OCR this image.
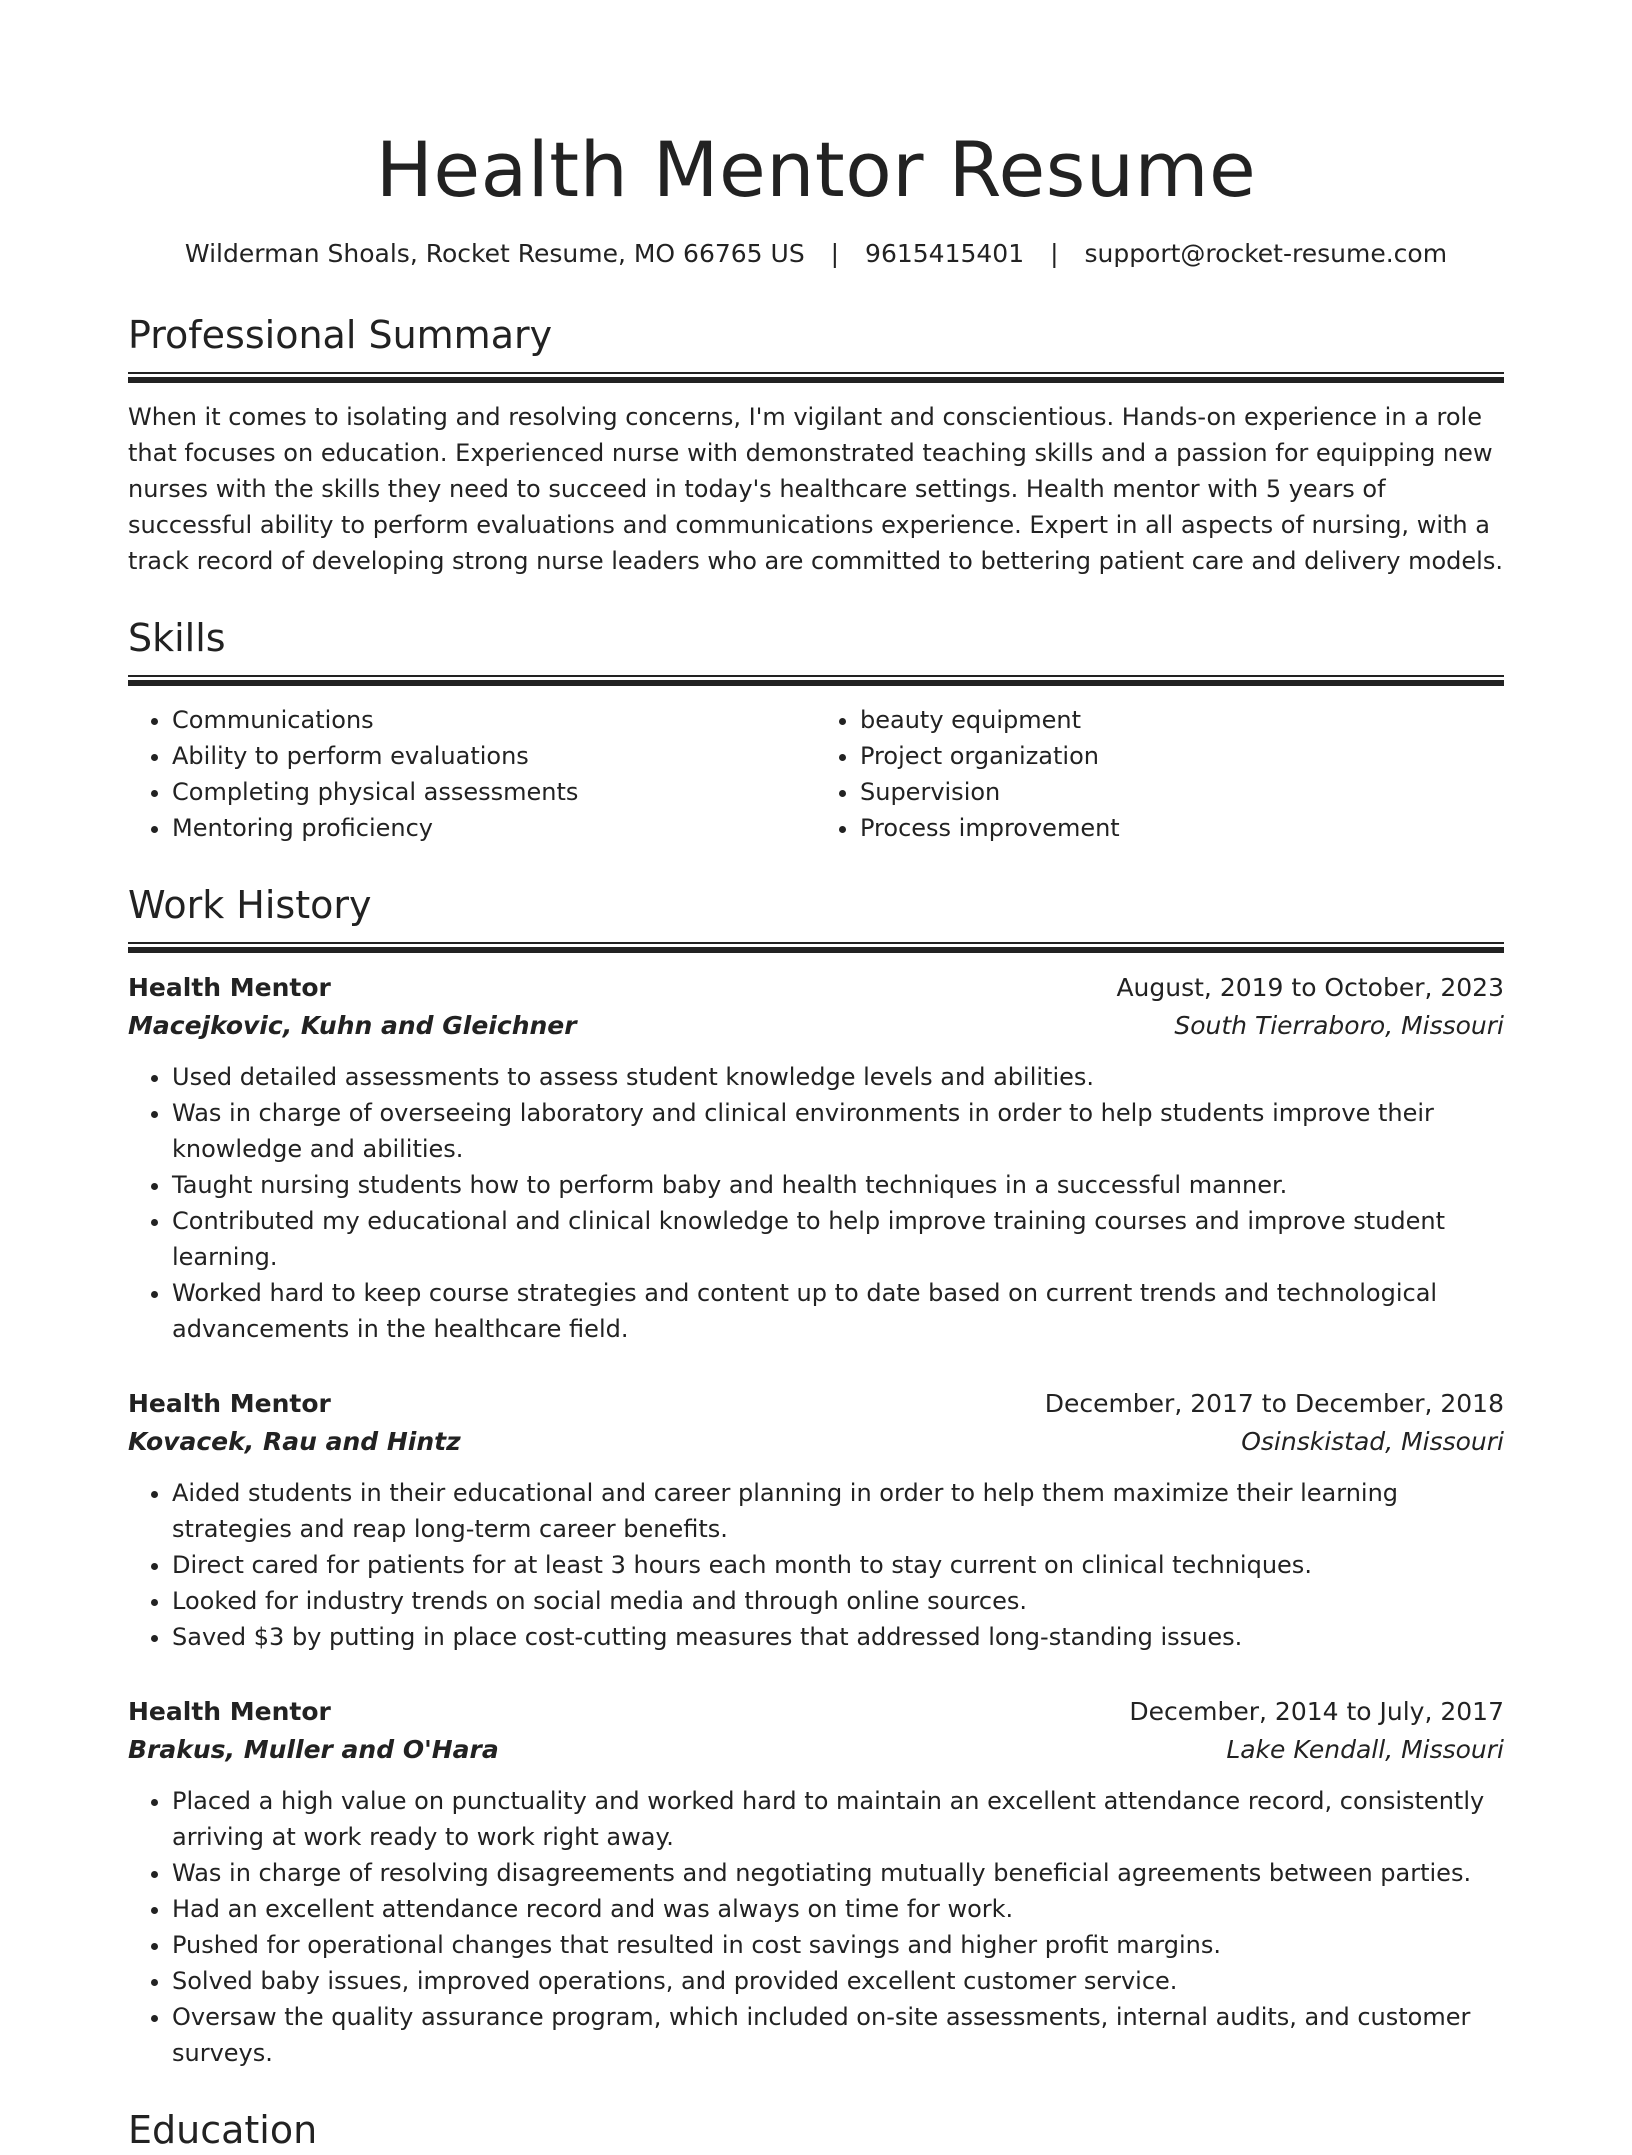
Health Mentor Resume
Wilderman Shoals, Rocket Resume, MO 66765 US | 9615415401 | support@rocket-resume.com
Professional Summary

When it comes to isolating and resolving concerns, I'm vigilant and conscientious. Hands-on experience in a role that focuses on education. Experienced nurse with demonstrated teaching skills and a passion for equipping new nurses with the skills they need to succeed in today's healthcare settings. Health mentor with 5 years of successful ability to perform evaluations and communications experience. Expert in all aspects of nursing, with a track record of developing strong nurse leaders who are committed to bettering patient care and delivery models.

Skills
• Communications
• Ability to perform evaluations
• Completing physical assessments
• Mentoring proficiency
• beauty equipment
• Project organization
• Supervision
• Process improvement
Work History
Health Mentor	August, 2019 to October, 2023
Macejkovic, Kuhn and Gleichner	South Tierraboro, Missouri
• Used detailed assessments to assess student knowledge levels and abilities.
• Was in charge of overseeing laboratory and clinical environments in order to help students improve their knowledge and abilities.
• Taught nursing students how to perform baby and health techniques in a successful manner.
• Contributed my educational and clinical knowledge to help improve training courses and improve student learning.
• Worked hard to keep course strategies and content up to date based on current trends and technological advancements in the healthcare field.
Health Mentor	December, 2017 to December, 2018
Kovacek, Rau and Hintz	Osinskistad, Missouri
• Aided students in their educational and career planning in order to help them maximize their learning strategies and reap long-term career benefits.
• Direct cared for patients for at least 3 hours each month to stay current on clinical techniques.
• Looked for industry trends on social media and through online sources.
• Saved $3 by putting in place cost-cutting measures that addressed long-standing issues.
Health Mentor	December, 2014 to July, 2017
Brakus, Muller and O'Hara	Lake Kendall, Missouri
• Placed a high value on punctuality and worked hard to maintain an excellent attendance record, consistently arriving at work ready to work right away.
• Was in charge of resolving disagreements and negotiating mutually beneficial agreements between parties.
• Had an excellent attendance record and was always on time for work.
• Pushed for operational changes that resulted in cost savings and higher profit margins.
• Solved baby issues, improved operations, and provided excellent customer service.
• Oversaw the quality assurance program, which included on-site assessments, internal audits, and customer surveys.
Education
